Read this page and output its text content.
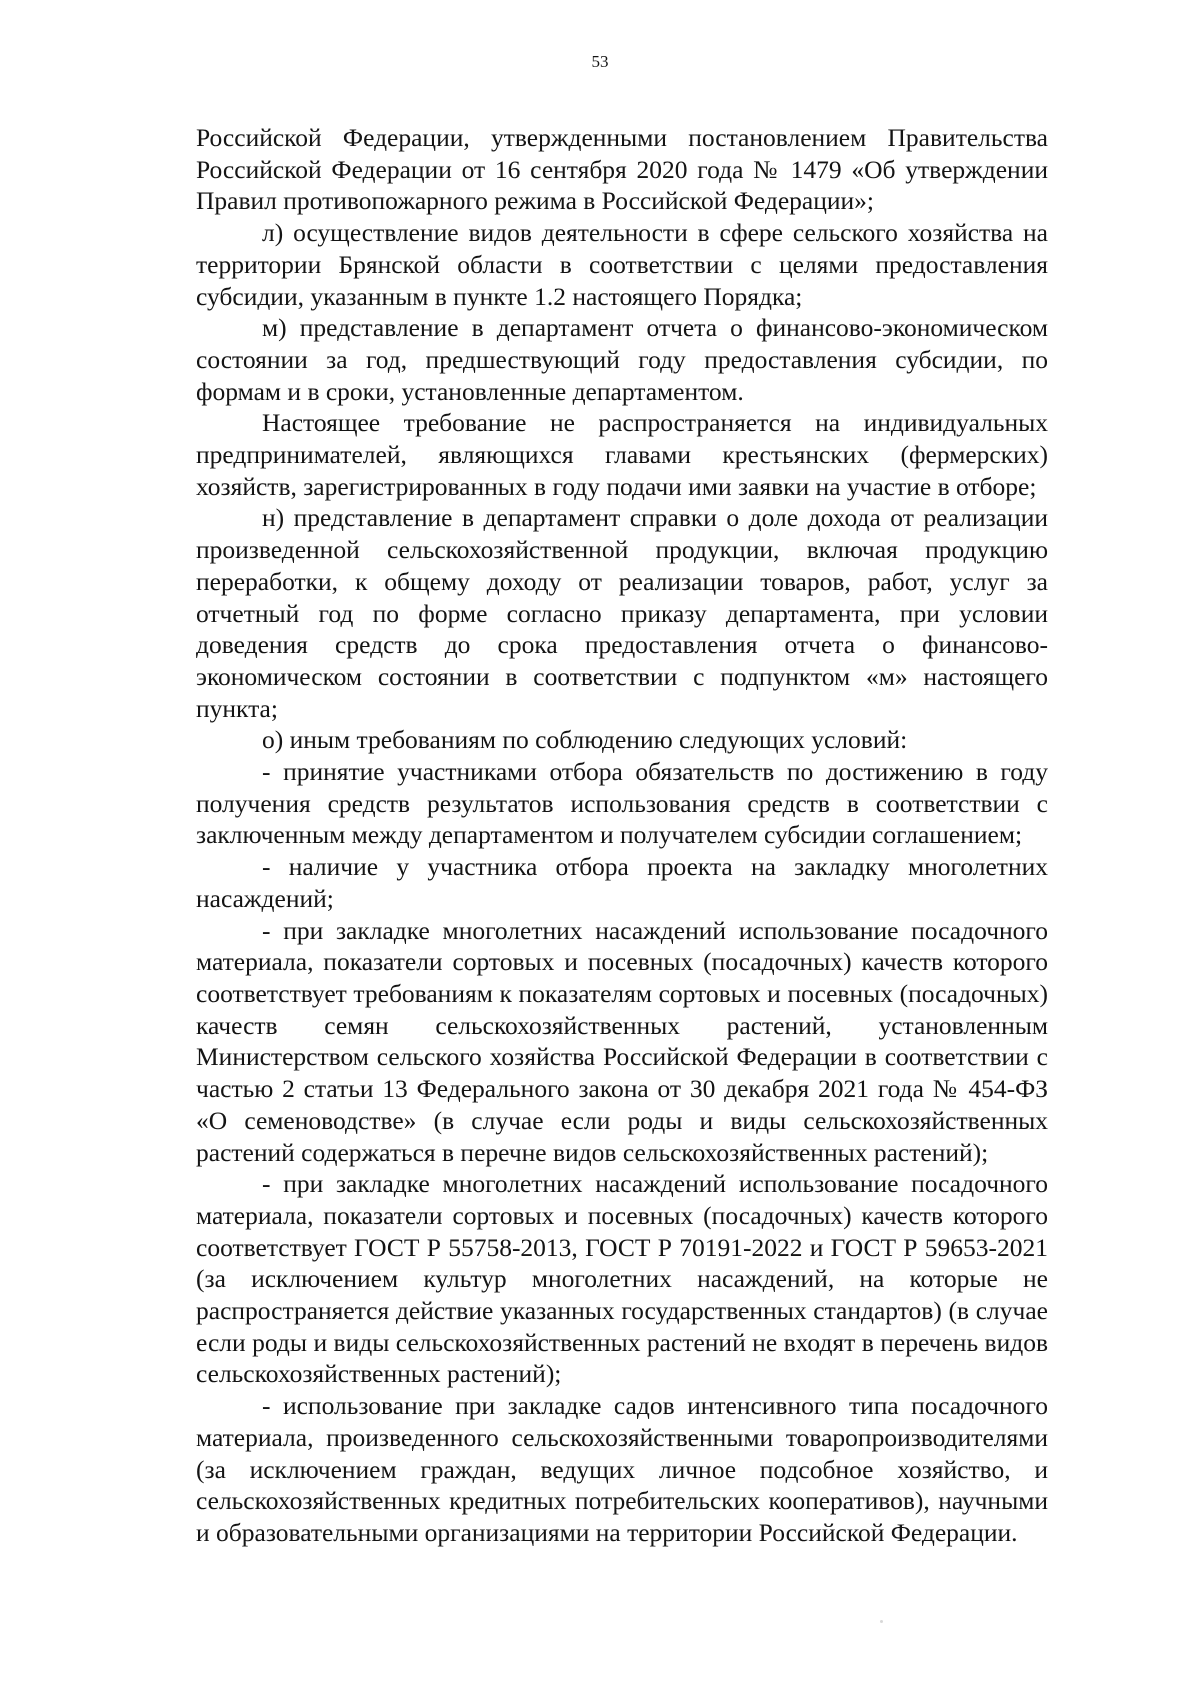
53

Российской Федерации, утвержденными постановлением Правительства Российской Федерации от 16 сентября 2020 года № 1479 «Об утверждении Правил противопожарного режима в Российской Федерации»;

л) осуществление видов деятельности в сфере сельского хозяйства на территории Брянской области в соответствии с целями предоставления субсидии, указанным в пункте 1.2 настоящего Порядка;

м) представление в департамент отчета о финансово-экономическом состоянии за год, предшествующий году предоставления субсидии, по формам и в сроки, установленные департаментом.

Настоящее требование не распространяется на индивидуальных предпринимателей, являющихся главами крестьянских (фермерских) хозяйств, зарегистрированных в году подачи ими заявки на участие в отборе;

н) представление в департамент справки о доле дохода от реализации произведенной сельскохозяйственной продукции, включая продукцию переработки, к общему доходу от реализации товаров, работ, услуг за отчетный год по форме согласно приказу департамента, при условии доведения средств до срока предоставления отчета о финансово-экономическом состоянии в соответствии с подпунктом «м» настоящего пункта;

о) иным требованиям по соблюдению следующих условий:

- принятие участниками отбора обязательств по достижению в году получения средств результатов использования средств в соответствии с заключенным между департаментом и получателем субсидии соглашением;

- наличие у участника отбора проекта на закладку многолетних насаждений;

- при закладке многолетних насаждений использование посадочного материала, показатели сортовых и посевных (посадочных) качеств которого соответствует требованиям к показателям сортовых и посевных (посадочных) качеств семян сельскохозяйственных растений, установленным Министерством сельского хозяйства Российской Федерации в соответствии с частью 2 статьи 13 Федерального закона от 30 декабря 2021 года № 454-ФЗ «О семеноводстве» (в случае если роды и виды сельскохозяйственных растений содержаться в перечне видов сельскохозяйственных растений);

- при закладке многолетних насаждений использование посадочного материала, показатели сортовых и посевных (посадочных) качеств которого соответствует ГОСТ Р 55758-2013, ГОСТ Р 70191-2022 и ГОСТ Р 59653-2021 (за исключением культур многолетних насаждений, на которые не распространяется действие указанных государственных стандартов) (в случае если роды и виды сельскохозяйственных растений не входят в перечень видов сельскохозяйственных растений);

- использование при закладке садов интенсивного типа посадочного материала, произведенного сельскохозяйственными товаропроизводителями (за исключением граждан, ведущих личное подсобное хозяйство, и сельскохозяйственных кредитных потребительских кооперативов), научными и образовательными организациями на территории Российской Федерации.
